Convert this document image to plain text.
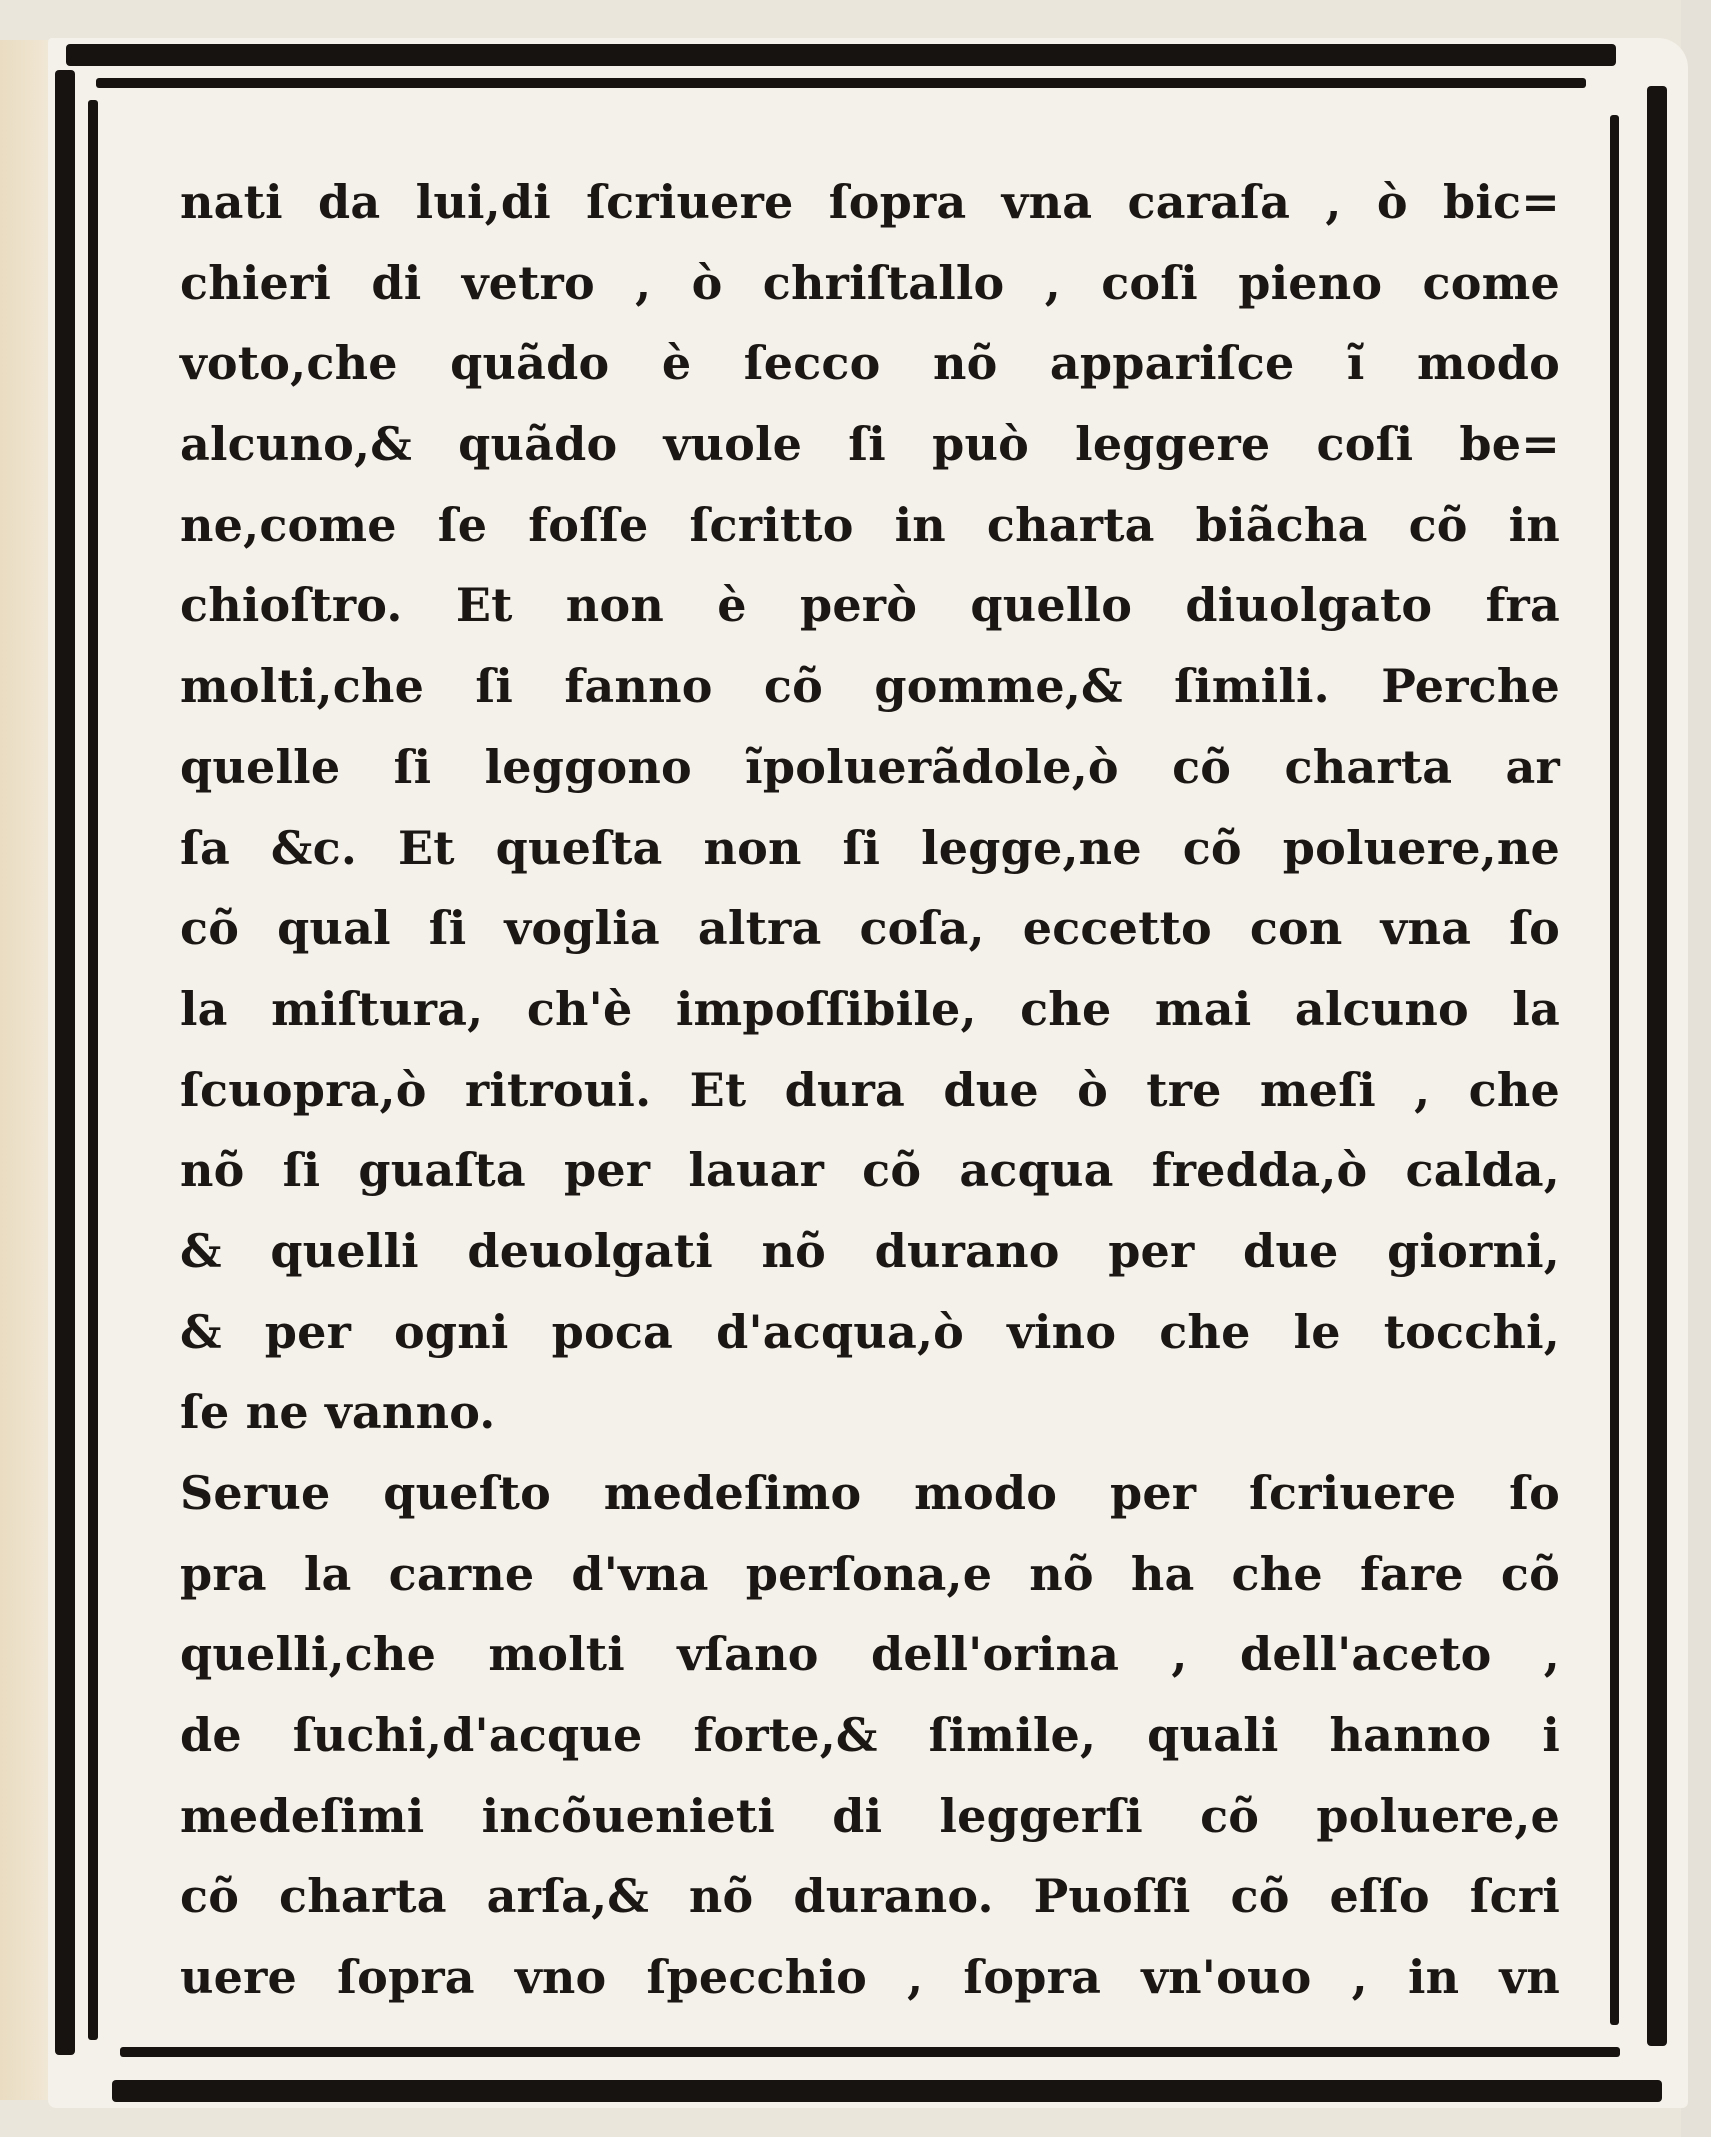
nati da lui,di ſcriuere ſopra vna caraſa , ò bic=
chieri di vetro , ò chriſtallo , coſi pieno come
voto,che quãdo è ſecco nõ appariſce ĩ modo
alcuno,& quãdo vuole ſi può leggere coſi be=
ne,come ſe foſſe ſcritto in charta biãcha cõ in
chioſtro. Et non è però quello diuolgato fra
molti,che ſi fanno cõ gomme,& ſimili. Perche
quelle ſi leggono ĩpoluerãdole,ò cõ charta ar
ſa &c. Et queſta non ſi legge,ne cõ poluere,ne
cõ qual ſi voglia altra coſa, eccetto con vna ſo
la miſtura, ch'è impoſſibile, che mai alcuno la
ſcuopra,ò ritroui. Et dura due ò tre meſi , che
nõ ſi guaſta per lauar cõ acqua fredda,ò calda,
& quelli deuolgati nõ durano per due giorni,
& per ogni poca d'acqua,ò vino che le tocchi,
ſe ne vanno.
Serue queſto medeſimo modo per ſcriuere ſo
pra la carne d'vna perſona,e nõ ha che fare cõ
quelli,che molti vſano dell'orina , dell'aceto ,
de ſuchi,d'acque forte,& ſimile, quali hanno i
medeſimi incõuenieti di leggerſi cõ poluere,e
cõ charta arſa,& nõ durano. Puoſſi cõ eſſo ſcri
uere ſopra vno ſpecchio , ſopra vn'ouo , in vn
